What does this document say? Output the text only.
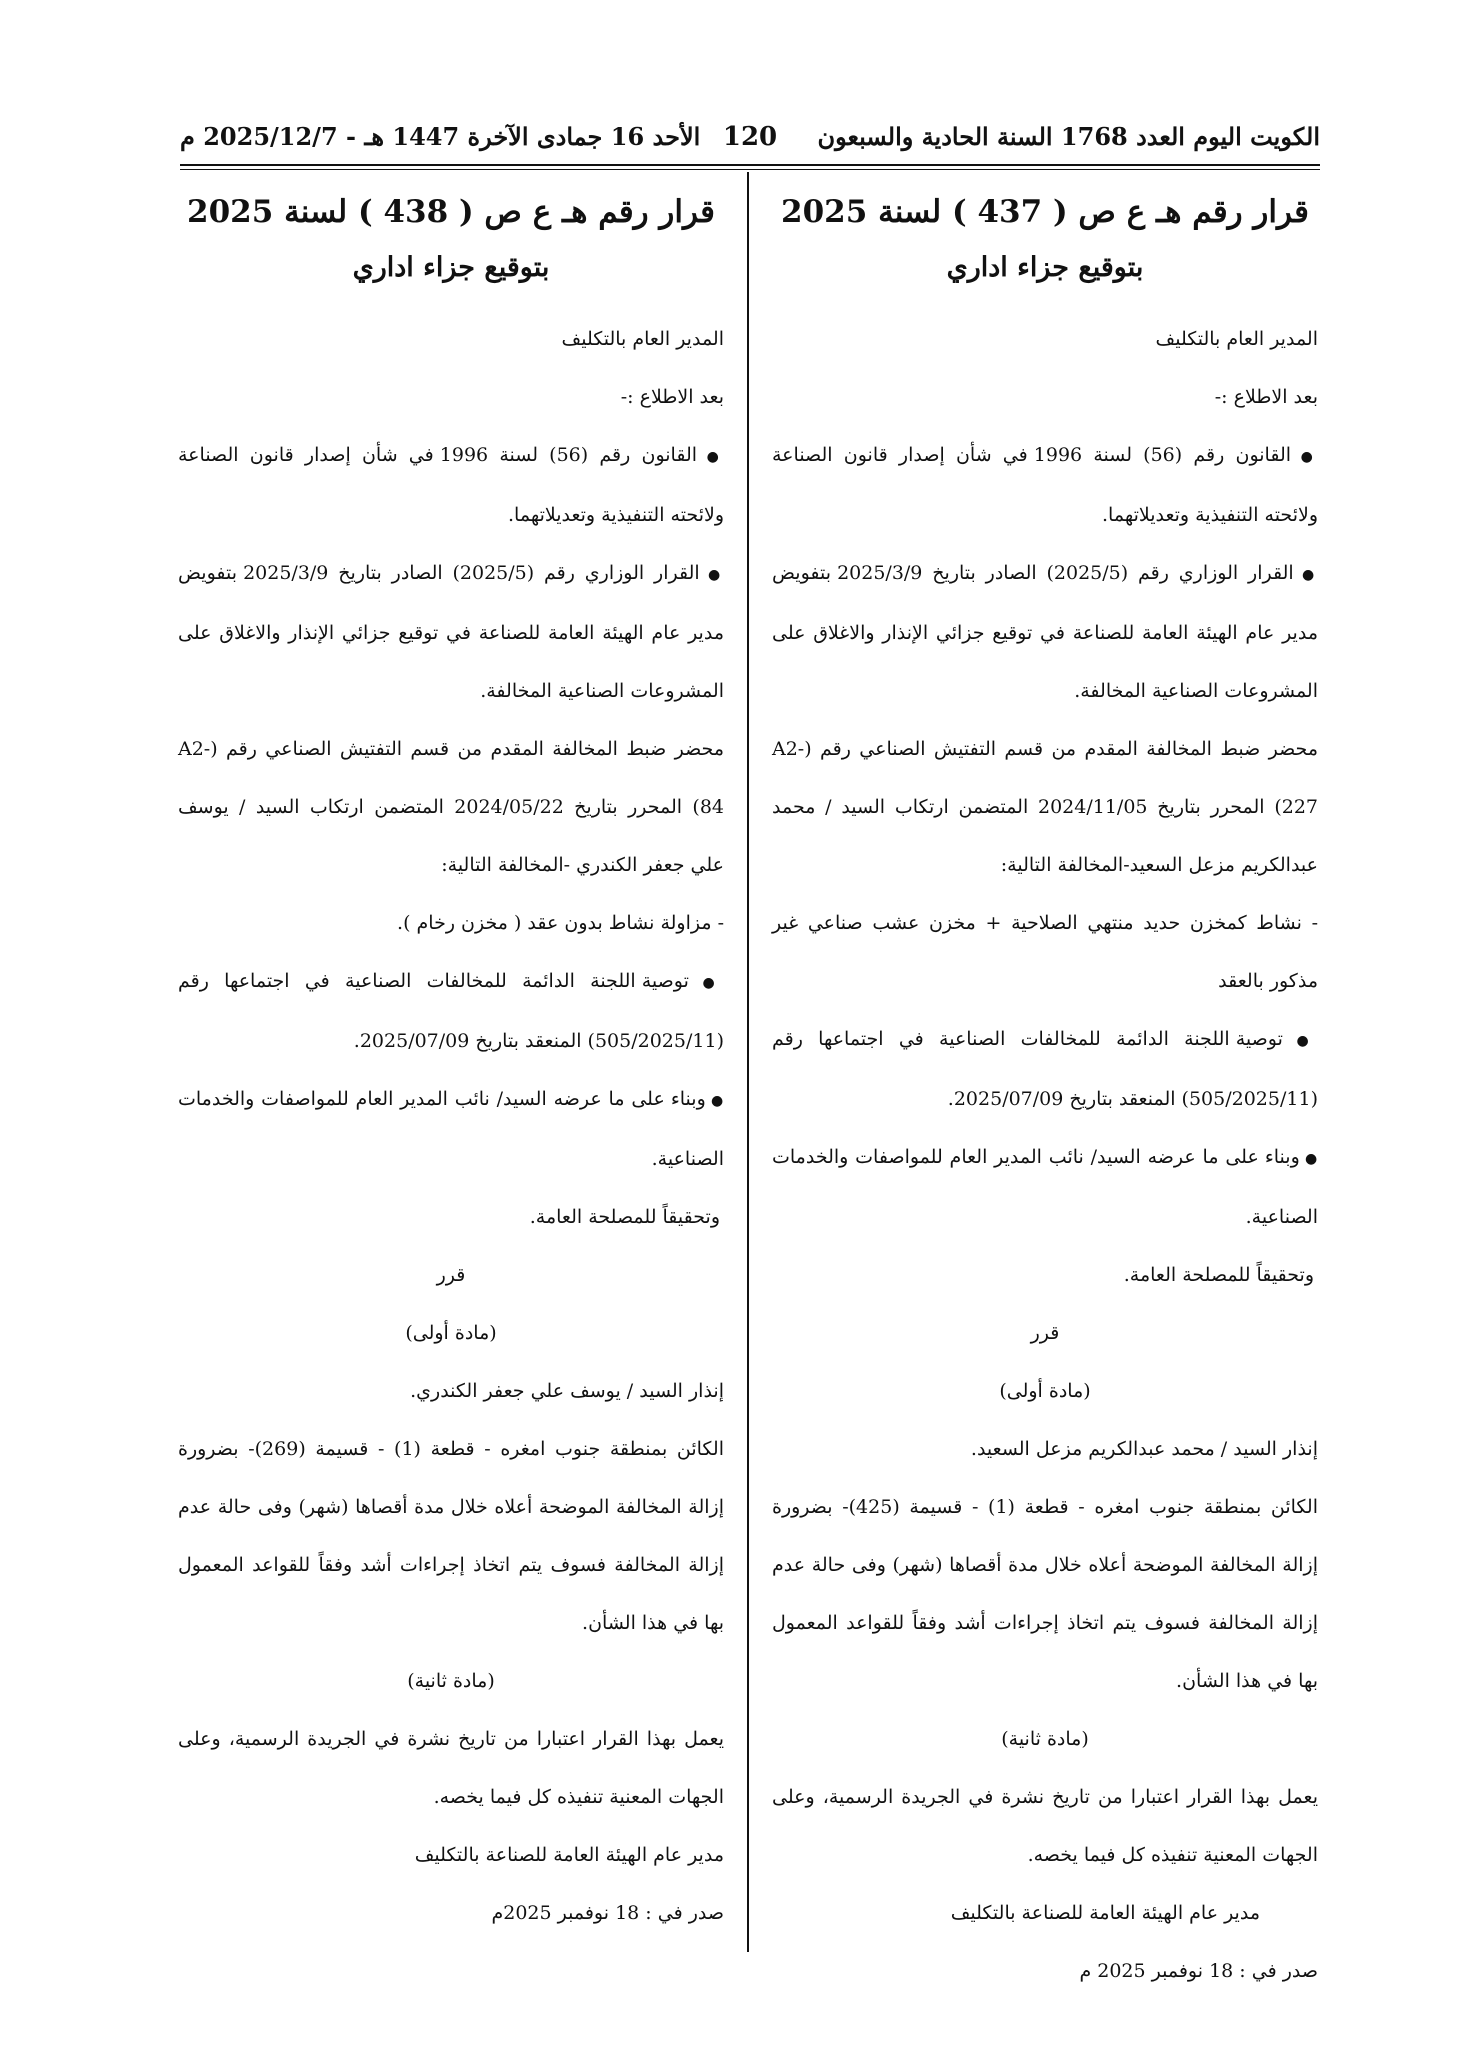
الكويت اليوم العدد 1768 السنة الحادية والسبعون
120
الأحد 16 جمادى الآخرة 1447 هـ - 2025/12/7 م
قرار رقم هـ ع ص ( 437 ) لسنة 2025
بتوقيع جزاء اداري

المدير العام بالتكليف

بعد الاطلاع :-

● القانون رقم (56) لسنة 1996 في شأن إصدار قانون الصناعة ولائحته التنفيذية وتعديلاتهما.

● القرار الوزاري رقم (2025/5) الصادر بتاريخ 2025/3/9 بتفويض مدير عام الهيئة العامة للصناعة في توقيع جزائي الإنذار والاغلاق على المشروعات الصناعية المخالفة.

محضر ضبط المخالفة المقدم من قسم التفتيش الصناعي رقم (A2-227) المحرر بتاريخ 2024/11/05 المتضمن ارتكاب السيد / محمد عبدالكريم مزعل السعيد-المخالفة التالية:

- نشاط كمخزن حديد منتهي الصلاحية + مخزن عشب صناعي غير مذكور بالعقد

● توصية اللجنة الدائمة للمخالفات الصناعية في اجتماعها رقم (505/2025/11) المنعقد بتاريخ 2025/07/09.

● وبناء على ما عرضه السيد/ نائب المدير العام للمواصفات والخدمات الصناعية.

وتحقيقاً للمصلحة العامة.

قرر

(مادة أولى)

إنذار السيد / محمد عبدالكريم مزعل السعيد.

الكائن بمنطقة جنوب امغره - قطعة (1) - قسيمة (425)- بضرورة إزالة المخالفة الموضحة أعلاه خلال مدة أقصاها (شهر) وفى حالة عدم إزالة المخالفة فسوف يتم اتخاذ إجراءات أشد وفقاً للقواعد المعمول بها في هذا الشأن.

(مادة ثانية)

يعمل بهذا القرار اعتبارا من تاريخ نشرة في الجريدة الرسمية، وعلى الجهات المعنية تنفيذه كل فيما يخصه.

مدير عام الهيئة العامة للصناعة بالتكليف

صدر في : 18 نوفمبر 2025 م

قرار رقم هـ ع ص ( 438 ) لسنة 2025
بتوقيع جزاء اداري

المدير العام بالتكليف

بعد الاطلاع :-

● القانون رقم (56) لسنة 1996 في شأن إصدار قانون الصناعة ولائحته التنفيذية وتعديلاتهما.

● القرار الوزاري رقم (2025/5) الصادر بتاريخ 2025/3/9 بتفويض مدير عام الهيئة العامة للصناعة في توقيع جزائي الإنذار والاغلاق على المشروعات الصناعية المخالفة.

محضر ضبط المخالفة المقدم من قسم التفتيش الصناعي رقم (A2-84) المحرر بتاريخ 2024/05/22 المتضمن ارتكاب السيد / يوسف علي جعفر الكندري -المخالفة التالية:

- مزاولة نشاط بدون عقد ( مخزن رخام ).

● توصية اللجنة الدائمة للمخالفات الصناعية في اجتماعها رقم (505/2025/11) المنعقد بتاريخ 2025/07/09.

● وبناء على ما عرضه السيد/ نائب المدير العام للمواصفات والخدمات الصناعية.

وتحقيقاً للمصلحة العامة.

قرر

(مادة أولى)

إنذار السيد / يوسف علي جعفر الكندري.

الكائن بمنطقة جنوب امغره - قطعة (1) - قسيمة (269)- بضرورة إزالة المخالفة الموضحة أعلاه خلال مدة أقصاها (شهر) وفى حالة عدم إزالة المخالفة فسوف يتم اتخاذ إجراءات أشد وفقاً للقواعد المعمول بها في هذا الشأن.

(مادة ثانية)

يعمل بهذا القرار اعتبارا من تاريخ نشرة في الجريدة الرسمية، وعلى الجهات المعنية تنفيذه كل فيما يخصه.

مدير عام الهيئة العامة للصناعة بالتكليف

صدر في : 18 نوفمبر 2025م
